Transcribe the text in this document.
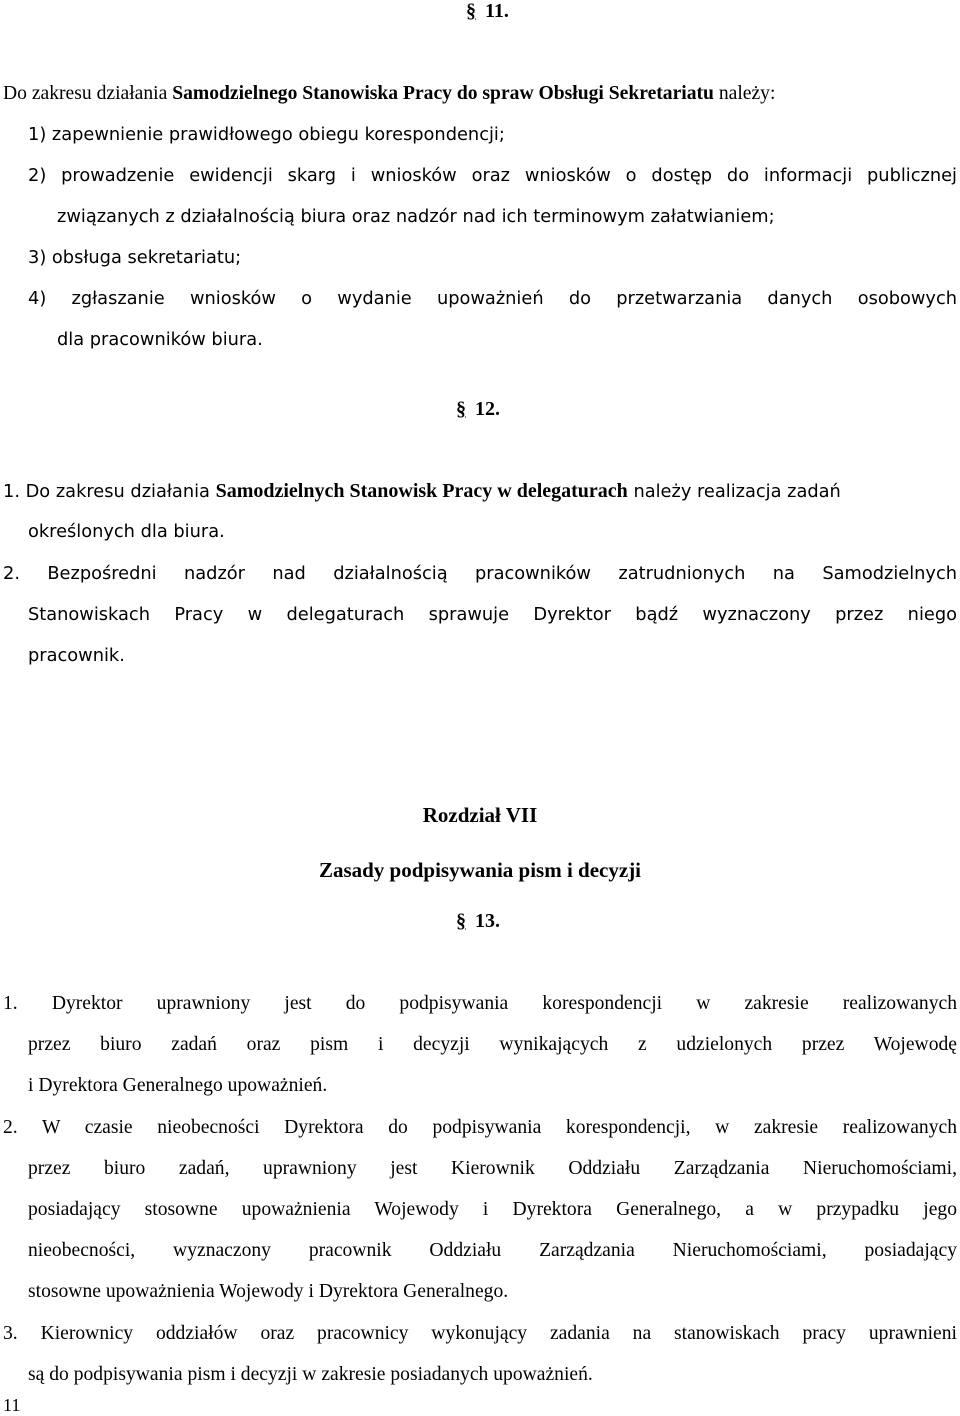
§ 11.
Do zakresu działania Samodzielnego Stanowiska Pracy do spraw Obsługi Sekretariatu należy:
1) zapewnienie prawidłowego obiegu korespondencji;
2) prowadzenie ewidencji skarg i wniosków oraz wniosków o dostęp do informacji publicznej
związanych z działalnością biura oraz nadzór nad ich terminowym załatwianiem;
3) obsługa sekretariatu;
4) zgłaszanie wniosków o wydanie upoważnień do przetwarzania danych osobowych
dla pracowników biura.
§ 12.
1. Do zakresu działania Samodzielnych Stanowisk Pracy w delegaturach należy realizacja zadań
określonych dla biura.
2. Bezpośredni nadzór nad działalnością pracowników zatrudnionych na Samodzielnych
Stanowiskach Pracy w delegaturach sprawuje Dyrektor bądź wyznaczony przez niego
pracownik.
Rozdział VII
Zasady podpisywania pism i decyzji
§ 13.
1. Dyrektor uprawniony jest do podpisywania korespondencji w zakresie realizowanych
przez biuro zadań oraz pism i decyzji wynikających z udzielonych przez Wojewodę
i Dyrektora Generalnego upoważnień.
2. W czasie nieobecności Dyrektora do podpisywania korespondencji, w zakresie realizowanych
przez biuro zadań, uprawniony jest Kierownik Oddziału Zarządzania Nieruchomościami,
posiadający stosowne upoważnienia Wojewody i Dyrektora Generalnego, a w przypadku jego
nieobecności, wyznaczony pracownik Oddziału Zarządzania Nieruchomościami, posiadający
stosowne upoważnienia Wojewody i Dyrektora Generalnego.
3. Kierownicy oddziałów oraz pracownicy wykonujący zadania na stanowiskach pracy uprawnieni
są do podpisywania pism i decyzji w zakresie posiadanych upoważnień.
11
